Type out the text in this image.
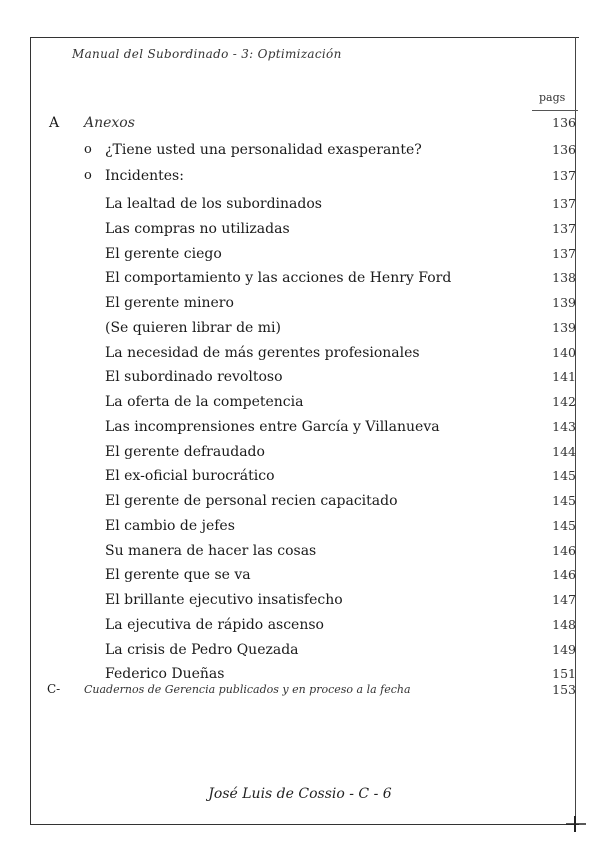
Manual del Subordinado - 3: Optimización
pags
A Anexos	136
o ¿Tiene usted una personalidad exasperante?	136
o Incidentes:	137
La lealtad de los subordinados	137
Las compras no utilizadas	137
El gerente ciego	137
El comportamiento y las acciones de Henry Ford	138
El gerente minero	139
(Se quieren librar de mi)	139
La necesidad de más gerentes profesionales	140
El subordinado revoltoso	141
La oferta de la competencia	142
Las incomprensiones entre García y Villanueva	143
El gerente defraudado	144
El ex-oficial burocrático	145
El gerente de personal recien capacitado	145
El cambio de jefes	145
Su manera de hacer las cosas	146
El gerente que se va	146
El brillante ejecutivo insatisfecho	147
La ejecutiva de rápido ascenso	148
La crisis de Pedro Quezada	149
Federico Dueñas	151
C- Cuadernos de Gerencia publicados y en proceso a la fecha	153
José Luis de Cossio - C - 6
